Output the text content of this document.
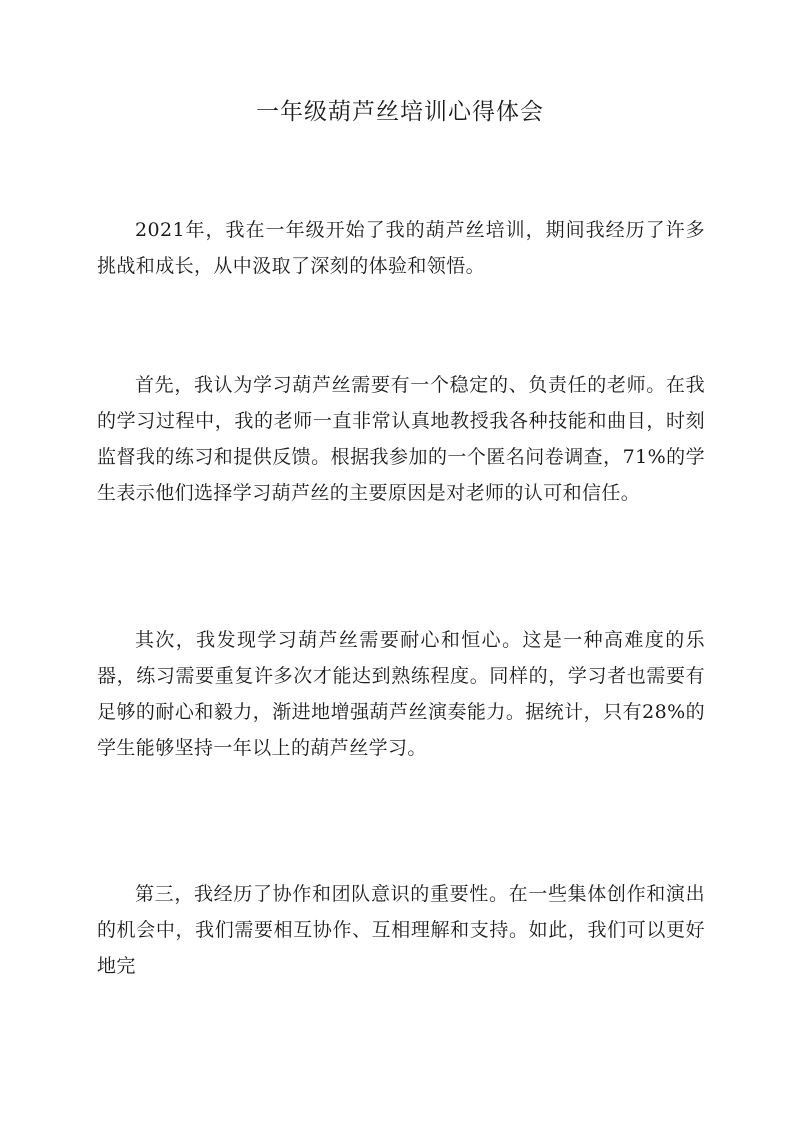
一年级葫芦丝培训心得体会

2021年，我在一年级开始了我的葫芦丝培训，期间我经历了许多挑战和成长，从中汲取了深刻的体验和领悟。

首先，我认为学习葫芦丝需要有一个稳定的、负责任的老师。在我的学习过程中，我的老师一直非常认真地教授我各种技能和曲目，时刻监督我的练习和提供反馈。根据我参加的一个匿名问卷调查，71%的学生表示他们选择学习葫芦丝的主要原因是对老师的认可和信任。

其次，我发现学习葫芦丝需要耐心和恒心。这是一种高难度的乐器，练习需要重复许多次才能达到熟练程度。同样的，学习者也需要有足够的耐心和毅力，渐进地增强葫芦丝演奏能力。据统计，只有28%的学生能够坚持一年以上的葫芦丝学习。

第三，我经历了协作和团队意识的重要性。在一些集体创作和演出的机会中，我们需要相互协作、互相理解和支持。如此，我们可以更好地完
